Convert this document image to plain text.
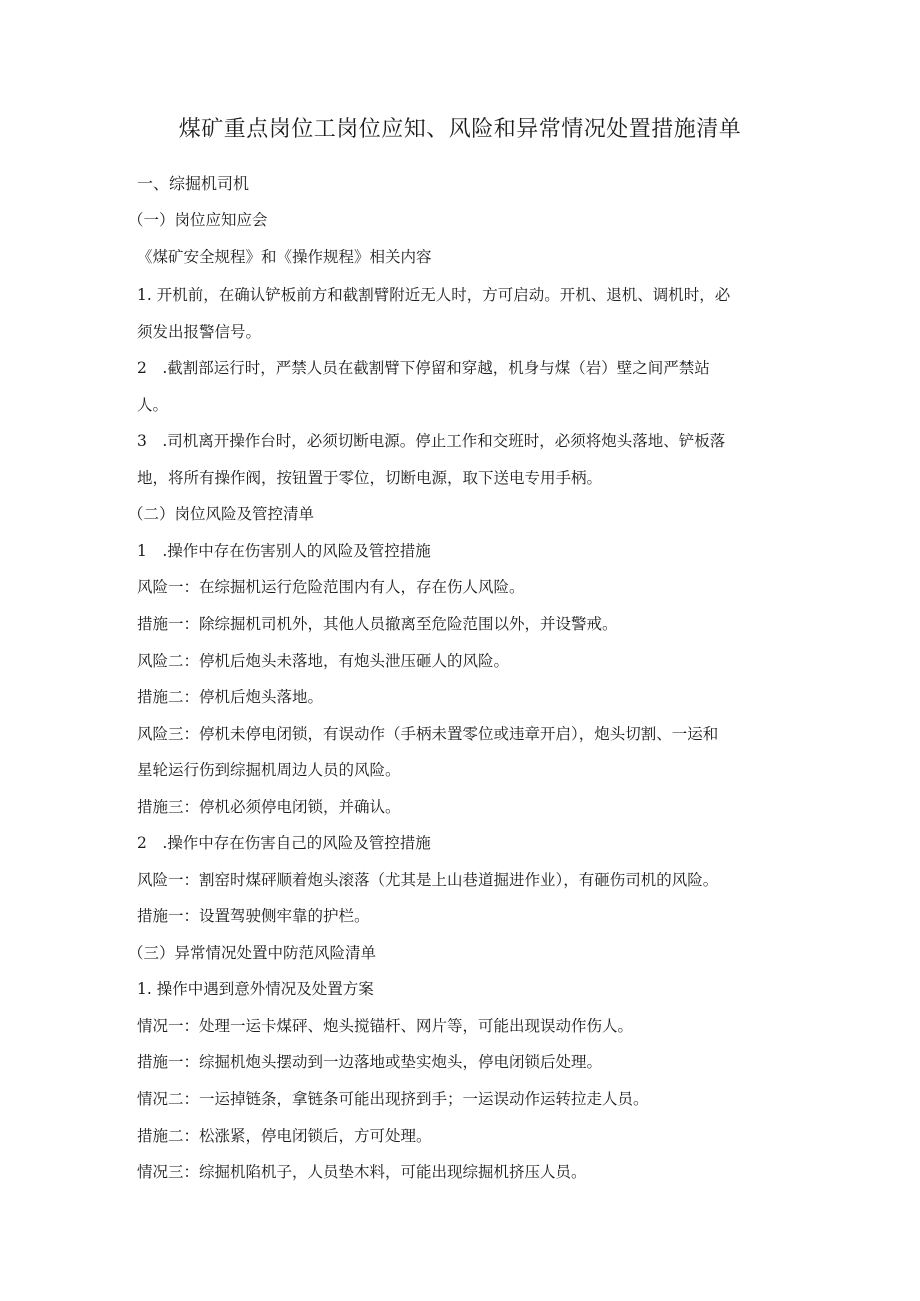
煤矿重点岗位工岗位应知、风险和异常情况处置措施清单
一、综掘机司机
（一）岗位应知应会
《煤矿安全规程》和《操作规程》相关内容
1. 开机前，在确认铲板前方和截割臂附近无人时，方可启动。开机、退机、调机时，必
须发出报警信号。
2　.截割部运行时，严禁人员在截割臂下停留和穿越，机身与煤（岩）壁之间严禁站
人。
3　.司机离开操作台时，必须切断电源。停止工作和交班时，必须将炮头落地、铲板落
地，将所有操作阀，按钮置于零位，切断电源，取下送电专用手柄。
（二）岗位风险及管控清单
1　.操作中存在伤害别人的风险及管控措施
风险一：在综掘机运行危险范围内有人，存在伤人风险。
措施一：除综掘机司机外，其他人员撤离至危险范围以外，并设警戒。
风险二：停机后炮头未落地，有炮头泄压砸人的风险。
措施二：停机后炮头落地。
风险三：停机未停电闭锁，有误动作（手柄未置零位或违章开启），炮头切割、一运和
星轮运行伤到综掘机周边人员的风险。
措施三：停机必须停电闭锁，并确认。
2　.操作中存在伤害自己的风险及管控措施
风险一：割窑时煤砰顺着炮头滚落（尤其是上山巷道掘进作业），有砸伤司机的风险。
措施一：设置驾驶侧牢靠的护栏。
（三）异常情况处置中防范风险清单
1. 操作中遇到意外情况及处置方案
情况一：处理一运卡煤砰、炮头搅锚杆、网片等，可能出现误动作伤人。
措施一：综掘机炮头摆动到一边落地或垫实炮头，停电闭锁后处理。
情况二：一运掉链条，拿链条可能出现挤到手；一运误动作运转拉走人员。
措施二：松涨紧，停电闭锁后，方可处理。
情况三：综掘机陷机子，人员垫木料，可能出现综掘机挤压人员。
